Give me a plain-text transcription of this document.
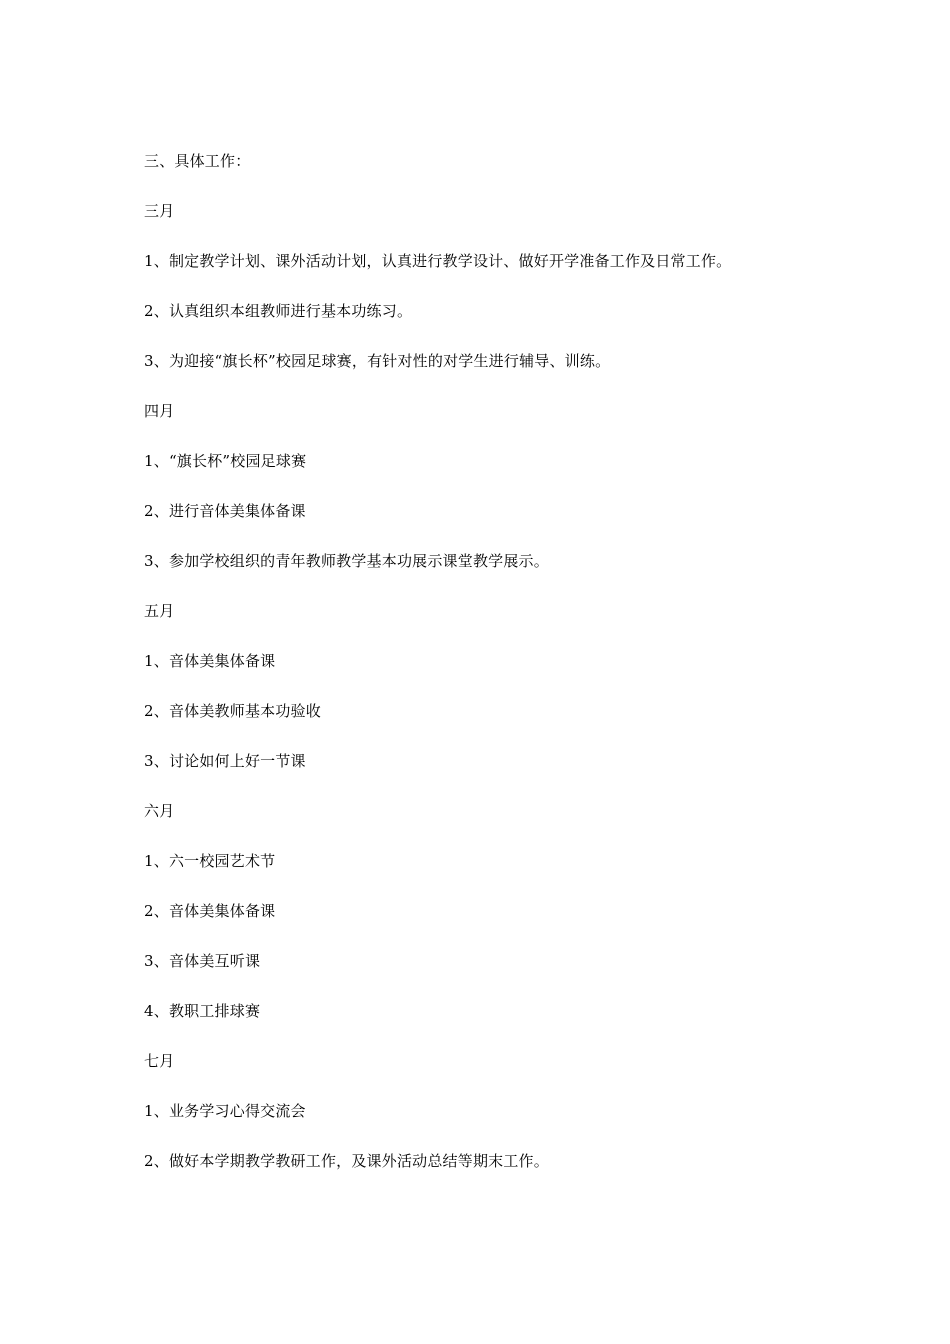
三、具体工作：
三月
1、制定教学计划、课外活动计划，认真进行教学设计、做好开学准备工作及日常工作。
2、认真组织本组教师进行基本功练习。
3、为迎接“旗长杯”校园足球赛，有针对性的对学生进行辅导、训练。
四月
1、“旗长杯”校园足球赛
2、进行音体美集体备课
3、参加学校组织的青年教师教学基本功展示课堂教学展示。
五月
1、音体美集体备课
2、音体美教师基本功验收
3、讨论如何上好一节课
六月
1、六一校园艺术节
2、音体美集体备课
3、音体美互听课
4、教职工排球赛
七月
1、业务学习心得交流会
2、做好本学期教学教研工作，及课外活动总结等期末工作。
